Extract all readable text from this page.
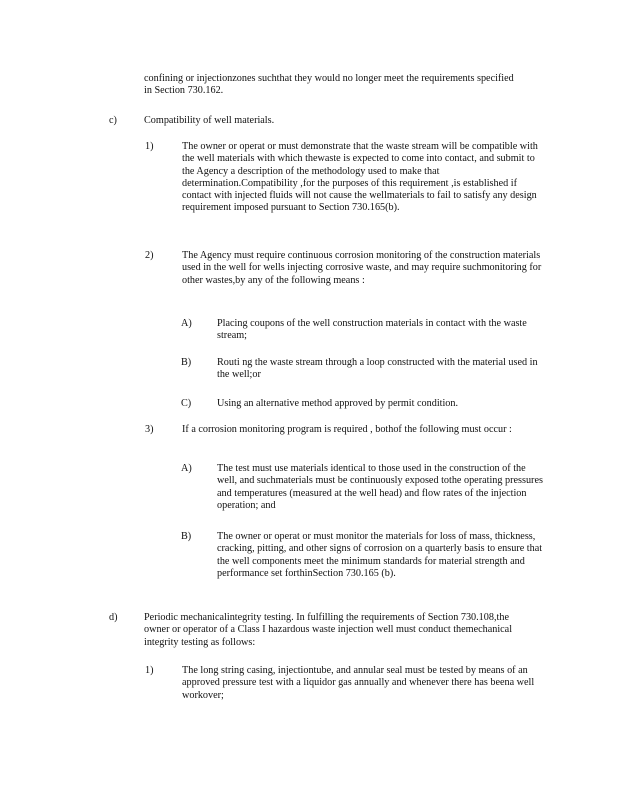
confining or injectionzones suchthat they would no longer meet the requirements specified in Section 730.162.

c)	Compatibility of well materials.

1)	The owner or operat or must demonstrate that the waste stream will be compatible with the well materials with which thewaste is expected to come into contact, and submit to the Agency a description of the methodology used to make that determination.Compatibility ,for the purposes of this requirement ,is established if contact with injected fluids will not cause the wellmaterials to fail to satisfy any design requirement imposed pursuant to Section 730.165(b).

2)	The Agency must require continuous corrosion monitoring of the construction materials used in the well for wells injecting corrosive waste, and may require suchmonitoring for other wastes,by any of the following means :

A) Placing coupons of the well construction materials in contact with the waste stream;

B)	Routi ng the waste stream through a loop constructed with the material used in the well;or

C)	Using an alternative method approved by permit condition.

3)	If a corrosion monitoring program is required , bothof the following must occur :

A) The test must use materials identical to those used in the construction of the well, and suchmaterials must be continuously exposed tothe operating pressures and temperatures (measured at the well head) and flow rates of the injection operation; and

B)	The owner or operat or must monitor the materials for loss of mass, thickness, cracking, pitting, and other signs of corrosion on a quarterly basis to ensure that the well components meet the minimum standards for material strength and performance set forthinSection 730.165 (b).

d)	Periodic mechanicalintegrity testing. In fulfilling the requirements of Section 730.108,the owner or operator of a Class I hazardous waste injection well must conduct themechanical integrity testing as follows:

1)	The long string casing, injectiontube, and annular seal must be tested by means of an approved pressure test with a liquidor gas annually and whenever there has beena well workover;
